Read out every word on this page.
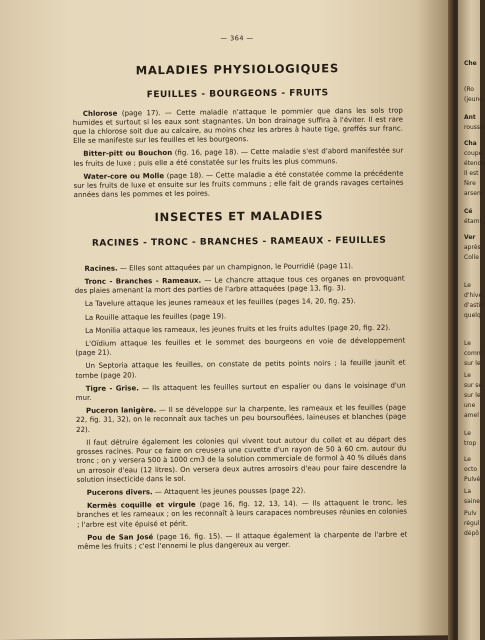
Che
(Ro
(jeune
Ant
rousse
Cha
coupe
étendu
Il est
fère
arseni
Cé
étami
Ver
après
Colle
Le
d'hive
d'astic
quelq
Le
comm
sur le
Le
sur se
sur le
une
amel
Le
trop
Le
octo
Pulvé
La
saine
Pulv
régul
dépô
— 364 —
MALADIES PHYSIOLOGIQUES
FEUILLES - BOURGEONS - FRUITS

Chlorose (page 17). — Cette maladie n'attaque le pommier que dans les sols trop humides et surtout si les eaux sont stagnantes. Un bon drainage suffira à l'éviter. Il est rare que la chlorose soit due au calcaire, au moins chez les arbres à haute tige, greffés sur franc. Elle se manifeste sur les feuilles et les bourgeons.

Bitter-pitt ou Bouchon (fig. 16, page 18). — Cette maladie s'est d'abord manifestée sur les fruits de luxe ; puis elle a été constatée sur les fruits les plus communs.

Water-core ou Molle (page 18). — Cette maladie a été constatée comme la précédente sur les fruits de luxe et ensuite sur les fruits communs ; elle fait de grands ravages certaines années dans les pommes et les poires.

INSECTES ET MALADIES
RACINES - TRONC - BRANCHES - RAMEAUX - FEUILLES

Racines. — Elles sont attaquées par un champignon, le Pourridié (page 11).

Tronc - Branches - Rameaux. — Le chancre attaque tous ces organes en provoquant des plaies amenant la mort des parties de l'arbre attaquées (page 13, fig. 3).

La Tavelure attaque les jeunes rameaux et les feuilles (pages 14, 20, fig. 25).

La Rouille attaque les feuilles (page 19).

La Monilia attaque les rameaux, les jeunes fruits et les fruits adultes (page 20, fig. 22).

L'Oïdium attaque les feuilles et le sommet des bourgeons en voie de développement (page 21).

Un Septoria attaque les feuilles, on constate de petits points noirs ; la feuille jaunit et tombe (page 20).

Tigre - Grise. — Ils attaquent les feuilles surtout en espalier ou dans le voisinage d'un mur.

Puceron lanigère. — Il se développe sur la charpente, les rameaux et les feuilles (page 22, fig. 31, 32), on le reconnaît aux taches un peu boursouflées, laineuses et blanches (page 22).

Il faut détruire également les colonies qui vivent tout autour du collet et au départ des grosses racines. Pour ce faire on creusera une cuvette d'un rayon de 50 à 60 cm. autour du tronc ; on y versera 500 à 1000 cm3 de la solution commerciale de formol à 40 % dilués dans un arrosoir d'eau (12 litres). On versera deux autres arrosoirs d'eau pour faire descendre la solution insecticide dans le sol.

Pucerons divers. — Attaquent les jeunes pousses (page 22).

Kermès coquille et virgule (page 16, fig. 12, 13, 14). — Ils attaquent le tronc, les branches et les rameaux ; on les reconnaît à leurs carapaces nombreuses réunies en colonies ; l'arbre est vite épuisé et périt.

Pou de San José (page 16, fig. 15). — Il attaque également la charpente de l'arbre et même les fruits ; c'est l'ennemi le plus dangereux au verger.
